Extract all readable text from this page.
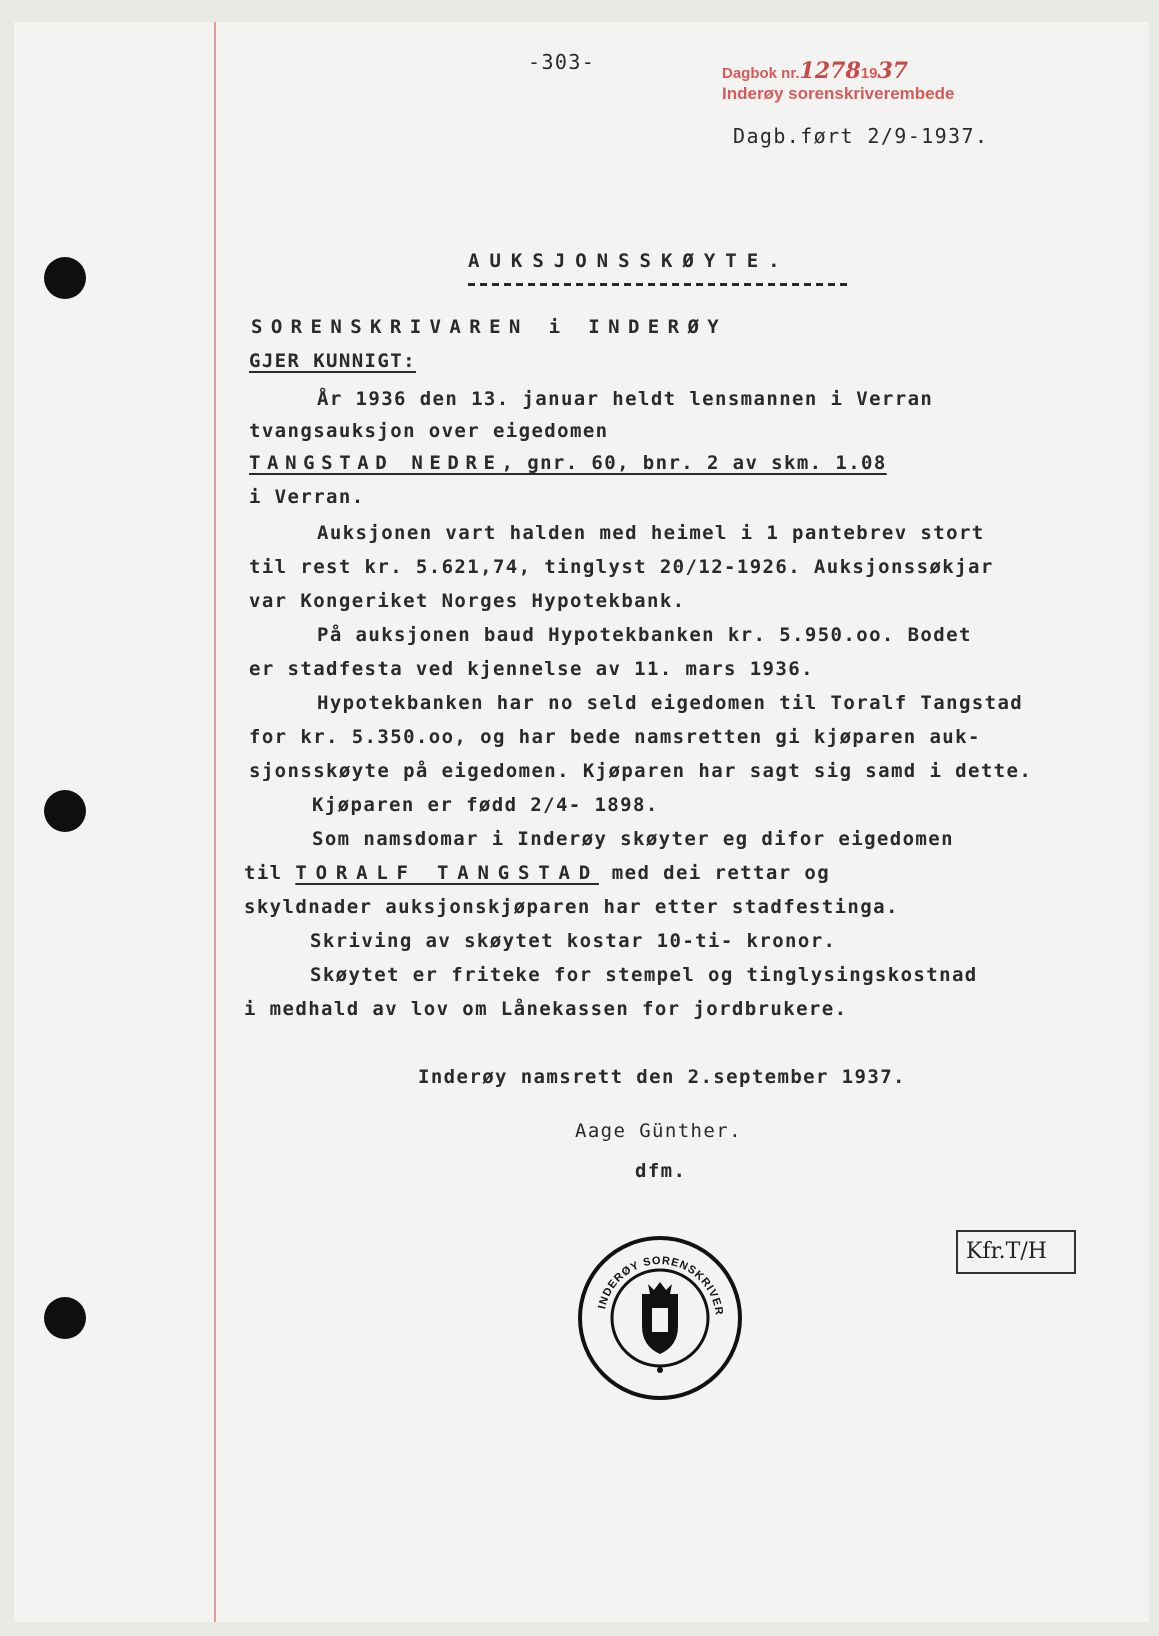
-303-	Dagbok nr.12781937
Inderøy sorenskriverembede
Dagb.ført 2/9-1937.
AUKSJONSSKØYTE.
SORENSKRIVAREN i INDERØY
GJER KUNNIGT:
År 1936 den 13. januar heldt lensmannen i Verran
tvangsauksjon over eigedomen
TANGSTAD NEDRE, gnr. 60, bnr. 2 av skm. 1.08
i Verran.
Auksjonen vart halden med heimel i 1 pantebrev stort
til rest kr. 5.621,74, tinglyst 20/12-1926. Auksjonssøkjar
var Kongeriket Norges Hypotekbank.
På auksjonen baud Hypotekbanken kr. 5.950.oo. Bodet
er stadfesta ved kjennelse av 11. mars 1936.
Hypotekbanken har no seld eigedomen til Toralf Tangstad
for kr. 5.350.oo, og har bede namsretten gi kjøparen auk-
sjonsskøyte på eigedomen. Kjøparen har sagt sig samd i dette.
Kjøparen er fødd 2/4- 1898.
Som namsdomar i Inderøy skøyter eg difor eigedomen
til TORALF TANGSTAD med dei rettar og
skyldnader auksjonskjøparen har etter stadfestinga.
Skriving av skøytet kostar 10-ti- kronor.
Skøytet er friteke for stempel og tinglysingskostnad
i medhald av lov om Lånekassen for jordbrukere.
Inderøy namsrett den 2.september 1937.
Aage Günther.
dfm.
INDERØY SORENSKRIVER
Kfr.T/H
